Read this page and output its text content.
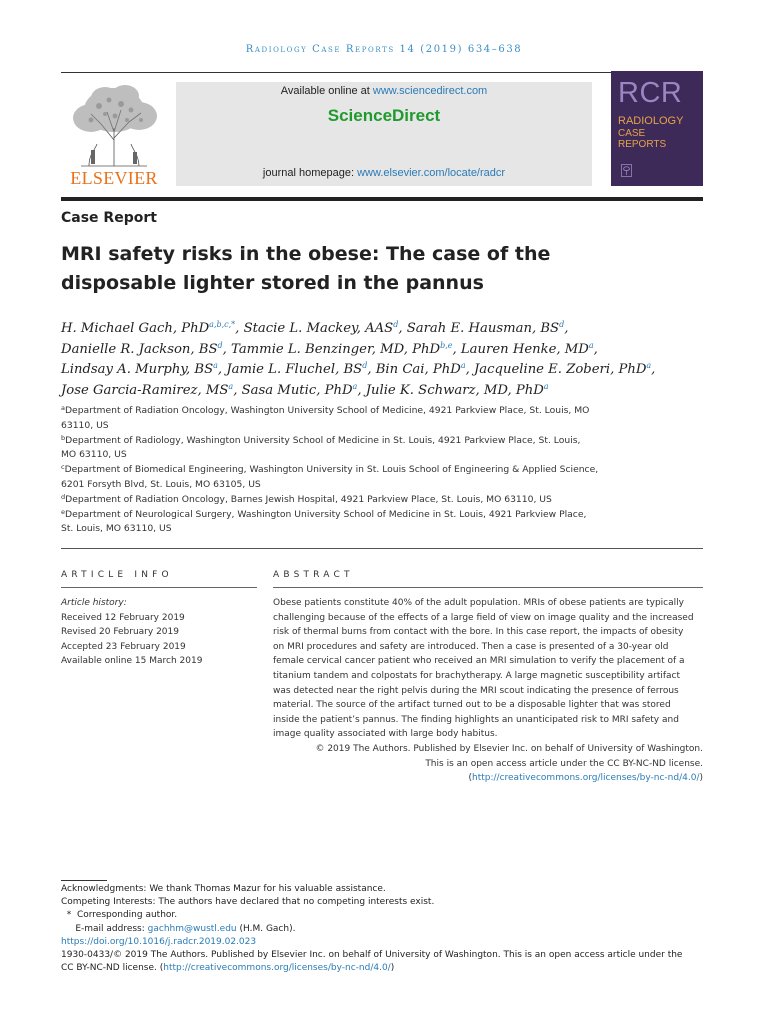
Radiology Case Reports 14 (2019) 634–638
ELSEVIER
Available online at www.sciencedirect.com
ScienceDirect
journal homepage: www.elsevier.com/locate/radcr
RCR
RADIOLOGY
CASE
REPORTS
Case Report
MRI safety risks in the obese: The case of the
disposable lighter stored in the pannus
H. Michael Gach, PhD$^{a,b,c,*}$, Stacie L. Mackey, AAS$^d$, Sarah E. Hausman, $BS^d$,
Danielle R. Jackson, $BS^d$, Tammie L. Benzinger, MD, PhD$^{b,e}$, Lauren Henke, $MD^a$,
Lindsay A. Murphy, $BS^a$, Jamie L. Fluchel, $BS^d$, Bin Cai, PhD$^a$, Jacqueline E. Zoberi, PhD$^a$,
Jose Garcia-Ramirez, $MS^a$, Sasa Mutic, PhD$^a$, Julie K. Schwarz, MD, PhD$^a$
$^a$Department of Radiation Oncology, Washington University School of Medicine, 4921 Parkview Place, St. Louis, MO
63110, US
$^b$Department of Radiology, Washington University School of Medicine in St. Louis, 4921 Parkview Place, St. Louis,
MO 63110, US
$^c$Department of Biomedical Engineering, Washington University in St. Louis School of Engineering & Applied Science,
6201 Forsyth Blvd, St. Louis, MO 63105, US
$^d$Department of Radiation Oncology, Barnes Jewish Hospital, 4921 Parkview Place, St. Louis, MO 63110, US
$^e$Department of Neurological Surgery, Washington University School of Medicine in St. Louis, 4921 Parkview Place,
St. Louis, MO 63110, US
ARTICLE INFO	ABSTRACT
Article history:
Received 12 February 2019
Revised 20 February 2019
Accepted 23 February 2019
Available online 15 March 2019
Obese patients constitute 40% of the adult population. MRIs of obese patients are typically
challenging because of the effects of a large field of view on image quality and the increased
risk of thermal burns from contact with the bore. In this case report, the impacts of obesity
on MRI procedures and safety are introduced. Then a case is presented of a 30-year old
female cervical cancer patient who received an MRI simulation to verify the placement of a
titanium tandem and colpostats for brachytherapy. A large magnetic susceptibility artifact
was detected near the right pelvis during the MRI scout indicating the presence of ferrous
material. The source of the artifact turned out to be a disposable lighter that was stored
inside the patient’s pannus. The finding highlights an unanticipated risk to MRI safety and
image quality associated with large body habitus.
© 2019 The Authors. Published by Elsevier Inc. on behalf of University of Washington.
This is an open access article under the CC BY-NC-ND license.
(http://creativecommons.org/licenses/by-nc-nd/4.0/)
Acknowledgments: We thank Thomas Mazur for his valuable assistance.
Competing Interests: The authors have declared that no competing interests exist.
* Corresponding author.
E-mail address: gachhm@wustl.edu (H.M. Gach).
https://doi.org/10.1016/j.radcr.2019.02.023
1930-0433/© 2019 The Authors. Published by Elsevier Inc. on behalf of University of Washington. This is an open access article under the
CC BY-NC-ND license. (http://creativecommons.org/licenses/by-nc-nd/4.0/)
